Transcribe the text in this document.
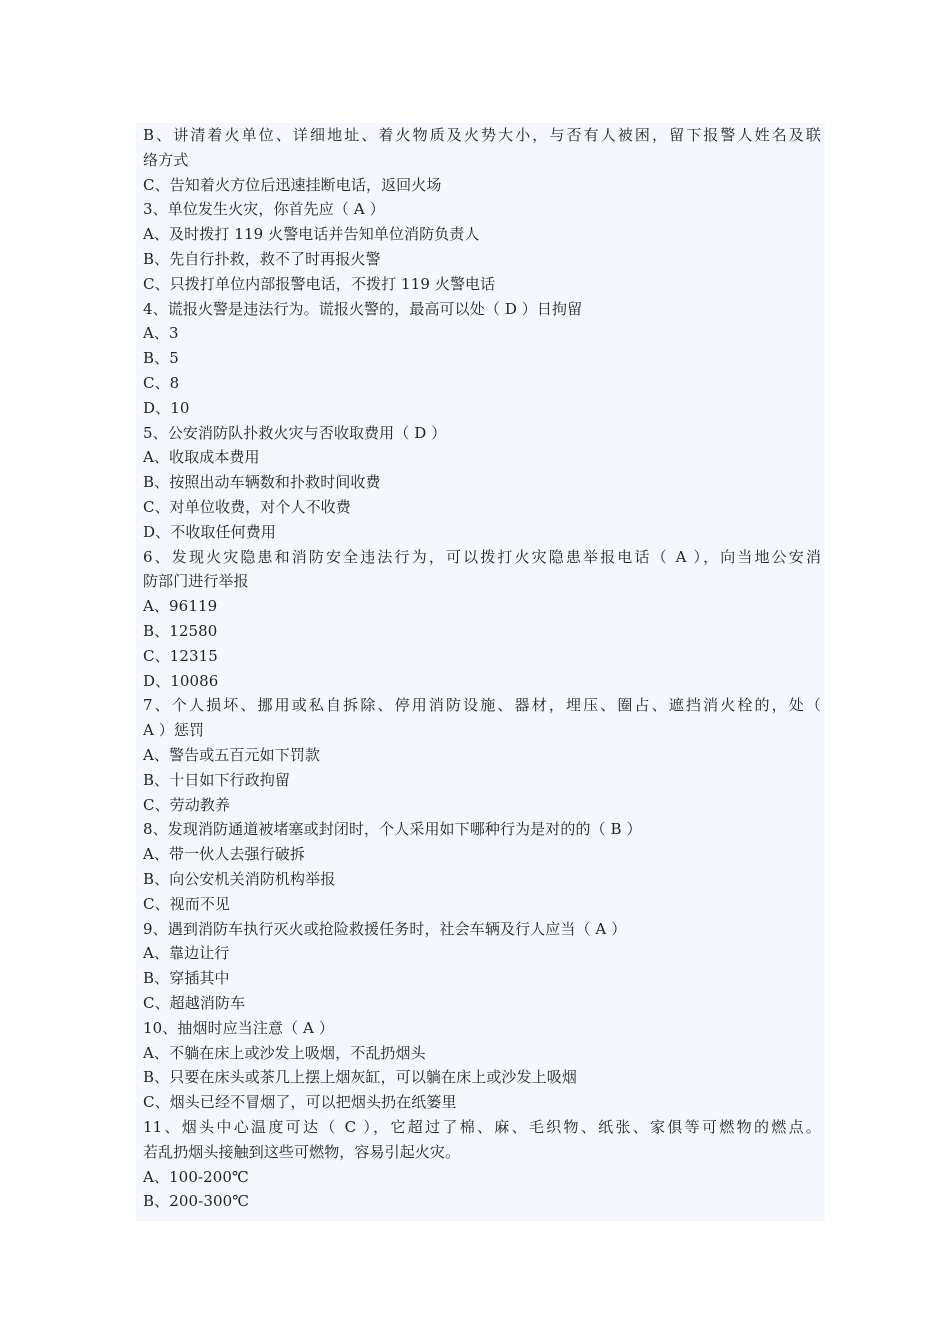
B、讲清着火单位、详细地址、着火物质及火势大小，与否有人被困，留下报警人姓名及联
络方式
C、告知着火方位后迅速挂断电话，返回火场
3、单位发生火灾，你首先应（ A ）
A、及时拨打 119 火警电话并告知单位消防负责人
B、先自行扑救，救不了时再报火警
C、只拨打单位内部报警电话，不拨打 119 火警电话
4、谎报火警是违法行为。谎报火警的，最高可以处（ D ）日拘留
A、3
B、5
C、8
D、10
5、公安消防队扑救火灾与否收取费用（ D ）
A、收取成本费用
B、按照出动车辆数和扑救时间收费
C、对单位收费，对个人不收费
D、不收取任何费用
6、发现火灾隐患和消防安全违法行为，可以拨打火灾隐患举报电话（ A ），向当地公安消
防部门进行举报
A、96119
B、12580
C、12315
D、10086
7、个人损坏、挪用或私自拆除、停用消防设施、器材，埋压、圈占、遮挡消火栓的，处（
A ）惩罚
A、警告或五百元如下罚款
B、十日如下行政拘留
C、劳动教养
8、发现消防通道被堵塞或封闭时，个人采用如下哪种行为是对的的（ B ）
A、带一伙人去强行破拆
B、向公安机关消防机构举报
C、视而不见
9、遇到消防车执行灭火或抢险救援任务时，社会车辆及行人应当（ A ）
A、靠边让行
B、穿插其中
C、超越消防车
10、抽烟时应当注意（ A ）
A、不躺在床上或沙发上吸烟，不乱扔烟头
B、只要在床头或茶几上摆上烟灰缸，可以躺在床上或沙发上吸烟
C、烟头已经不冒烟了，可以把烟头扔在纸篓里
11、烟头中心温度可达（ C ），它超过了棉、麻、毛织物、纸张、家俱等可燃物的燃点。
若乱扔烟头接触到这些可燃物，容易引起火灾。
A、100-200℃
B、200-300℃
